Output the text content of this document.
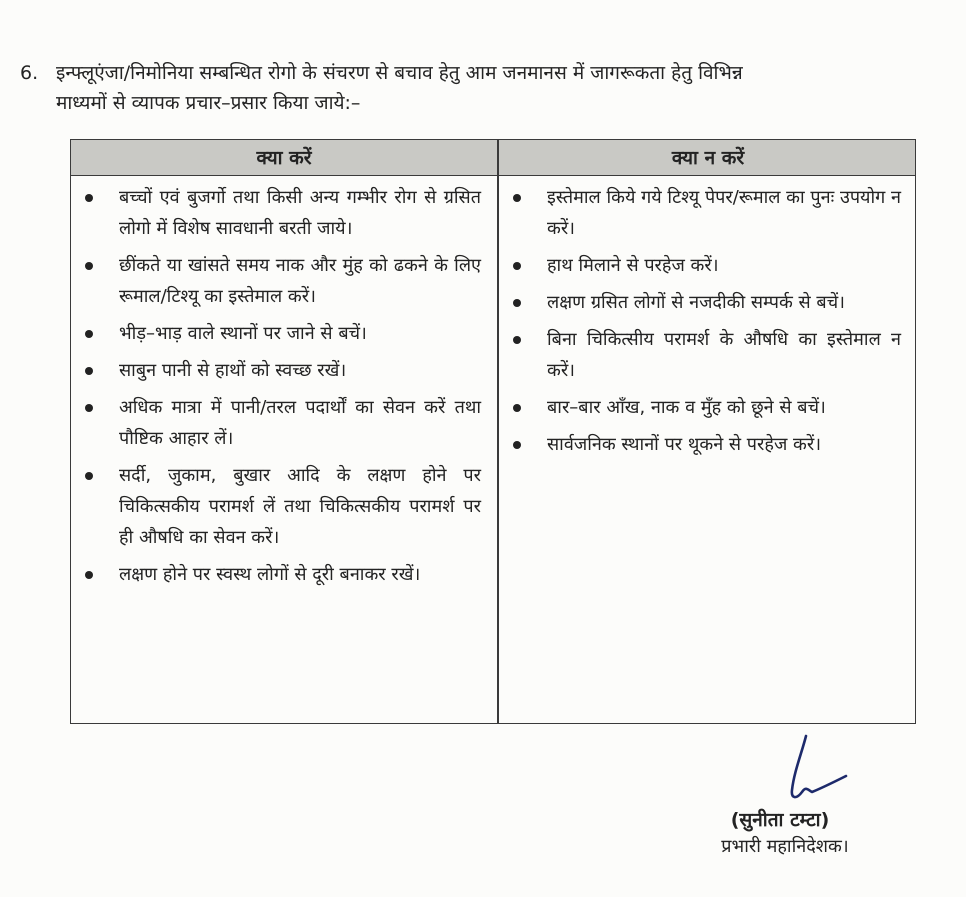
6. इन्फ्लूएंजा/निमोनिया सम्बन्धित रोगो के संचरण से बचाव हेतु आम जनमानस में जागरूकता हेतु विभिन्न
माध्यमों से व्यापक प्रचार–प्रसार किया जाये:–
क्या करें	क्या न करें
बच्चों एवं बुजर्गो तथा किसी अन्य गम्भीर रोग से ग्रसित लोगो में विशेष सावधानी बरती जाये।
छींकते या खांसते समय नाक और मुंह को ढकने के लिए रूमाल/टिश्यू का इस्तेमाल करें।
भीड़–भाड़ वाले स्थानों पर जाने से बचें।
साबुन पानी से हाथों को स्वच्छ रखें।
अधिक मात्रा में पानी/तरल पदार्थों का सेवन करें तथा पौष्टिक आहार लें।
सर्दी, जुकाम, बुखार आदि के लक्षण होने पर चिकित्सकीय परामर्श लें तथा चिकित्सकीय परामर्श पर ही औषधि का सेवन करें।
लक्षण होने पर स्वस्थ लोगों से दूरी बनाकर रखें।
इस्तेमाल किये गये टिश्यू पेपर/रूमाल का पुनः उपयोग न करें।
हाथ मिलाने से परहेज करें।
लक्षण ग्रसित लोगों से नजदीकी सम्पर्क से बचें।
बिना चिकित्सीय परामर्श के औषधि का इस्तेमाल न करें।
बार–बार आँख, नाक व मुँह को छूने से बचें।
सार्वजनिक स्थानों पर थूकने से परहेज करें।
(सुनीता टम्टा)
प्रभारी महानिदेशक।
